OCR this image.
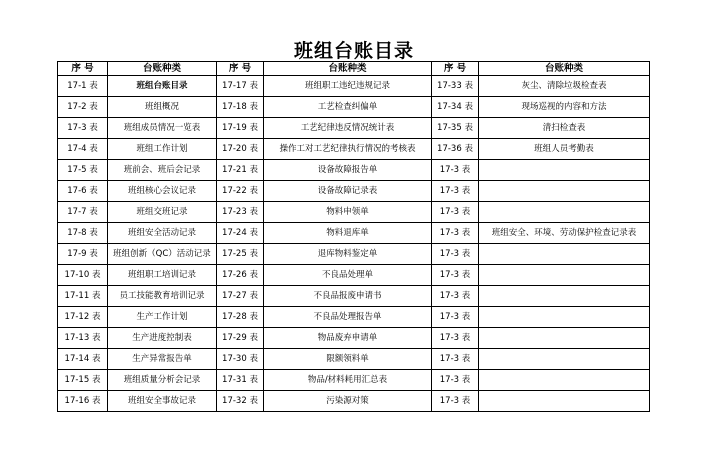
班组台账目录
序 号	台账种类	序 号	台账种类	序 号	台账种类
17-1 表	班组台账目录	17-17 表	班组职工违纪违规记录	17-33 表	灰尘、清除垃圾检查表
17-2 表	班组概况	17-18 表	工艺检查纠偏单	17-34 表	现场巡视的内容和方法
17-3 表	班组成员情况一览表	17-19 表	工艺纪律违反情况统计表	17-35 表	清扫检查表
17-4 表	班组工作计划	17-20 表	操作工对工艺纪律执行情况的考核表	17-36 表	班组人员考勤表
17-5 表	班前会、班后会记录	17-21 表	设备故障报告单	17-3 表	
17-6 表	班组核心会议记录	17-22 表	设备故障记录表	17-3 表	
17-7 表	班组交班记录	17-23 表	物料申领单	17-3 表	
17-8 表	班组安全活动记录	17-24 表	物料退库单	17-3 表	班组安全、环境、劳动保护检查记录表
17-9 表	班组创新（QC）活动记录	17-25 表	退库物料鉴定单	17-3 表	
17-10 表	班组职工培训记录	17-26 表	不良品处理单	17-3 表	
17-11 表	员工技能教育培训记录	17-27 表	不良品报废申请书	17-3 表	
17-12 表	生产工作计划	17-28 表	不良品处理报告单	17-3 表	
17-13 表	生产进度控制表	17-29 表	物品废弃申请单	17-3 表	
17-14 表	生产异常报告单	17-30 表	限额领料单	17-3 表	
17-15 表	班组质量分析会记录	17-31 表	物品/材料耗用汇总表	17-3 表	
17-16 表	班组安全事故记录	17-32 表	污染源对策	17-3 表	
